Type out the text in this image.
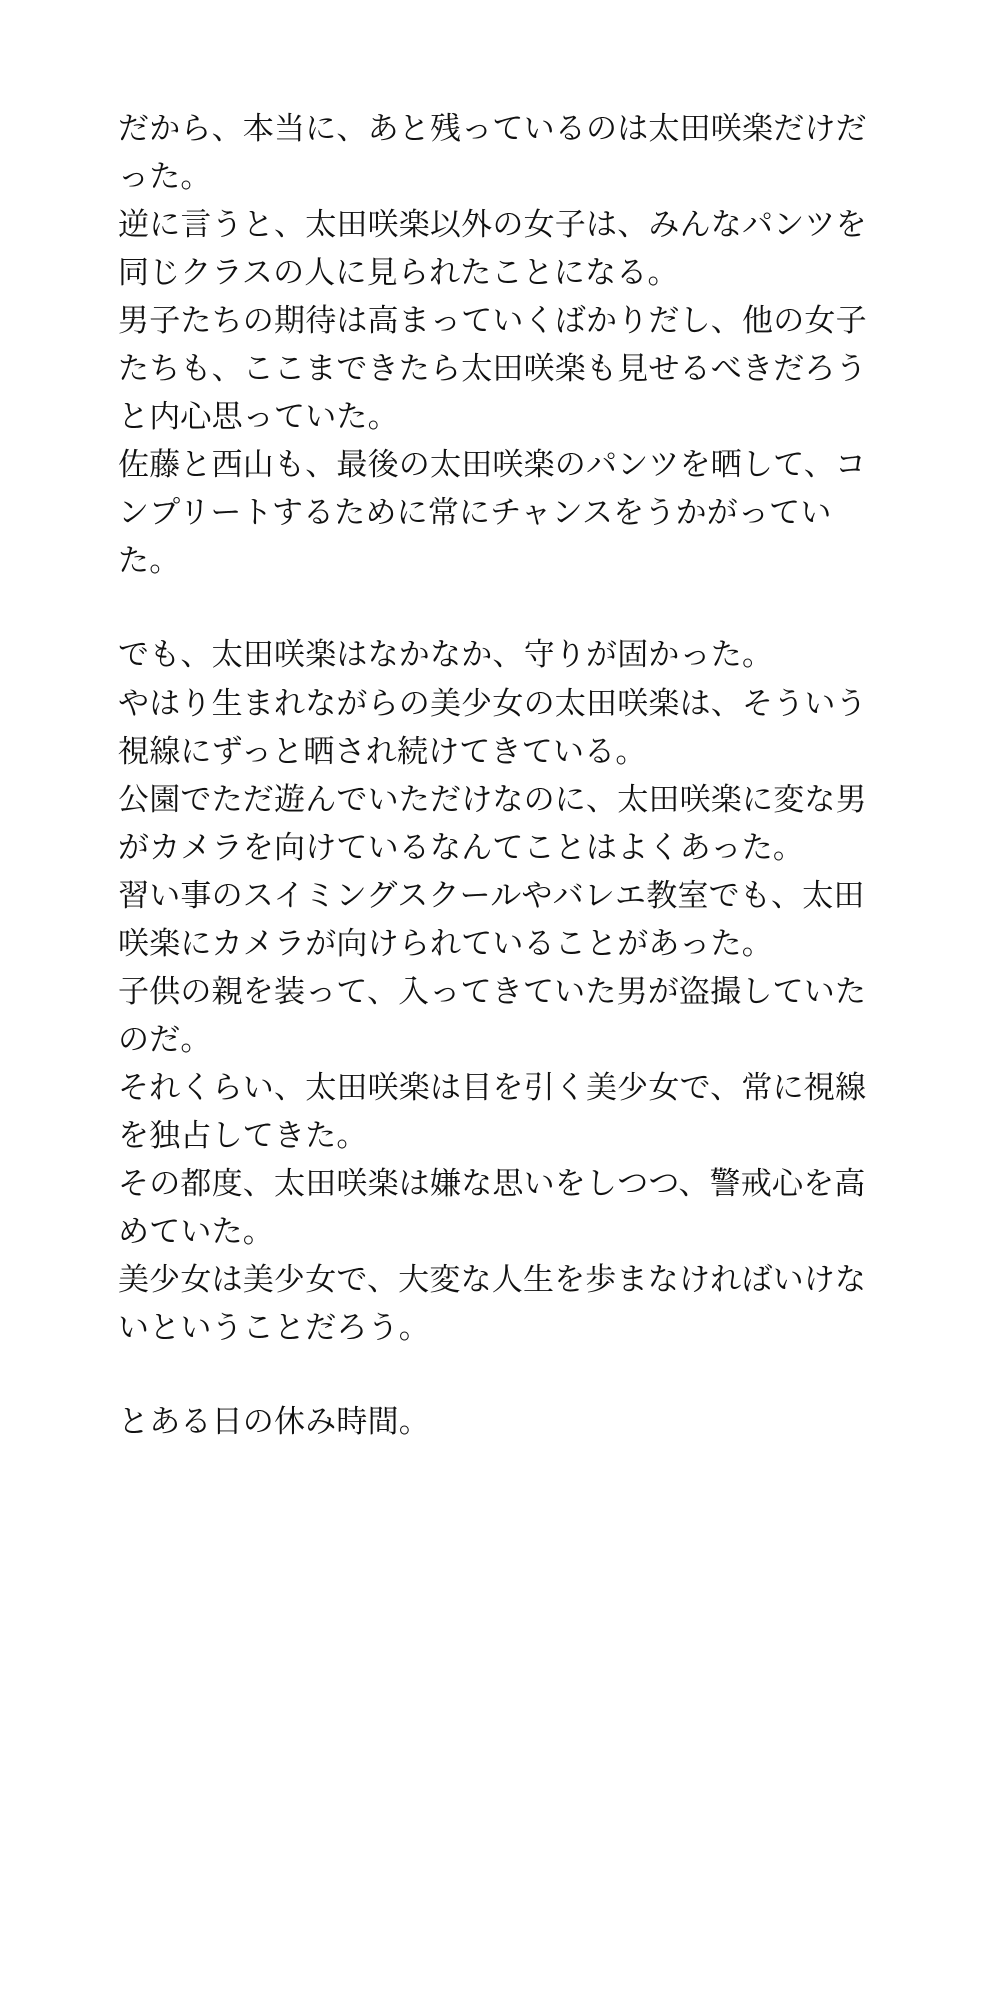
だから、本当に、あと残っているのは太田咲楽だけだった。

逆に言うと、太田咲楽以外の女子は、みんなパンツを同じクラスの人に見られたことになる。

男子たちの期待は高まっていくばかりだし、他の女子たちも、ここまできたら太田咲楽も見せるべきだろうと内心思っていた。

佐藤と西山も、最後の太田咲楽のパンツを晒して、コンプリートするために常にチャンスをうかがっていた。

でも、太田咲楽はなかなか、守りが固かった。

やはり生まれながらの美少女の太田咲楽は、そういう視線にずっと晒され続けてきている。

公園でただ遊んでいただけなのに、太田咲楽に変な男がカメラを向けているなんてことはよくあった。

習い事のスイミングスクールやバレエ教室でも、太田咲楽にカメラが向けられていることがあった。

子供の親を装って、入ってきていた男が盗撮していたのだ。

それくらい、太田咲楽は目を引く美少女で、常に視線を独占してきた。

その都度、太田咲楽は嫌な思いをしつつ、警戒心を高めていた。

美少女は美少女で、大変な人生を歩まなければいけないということだろう。

とある日の休み時間。
